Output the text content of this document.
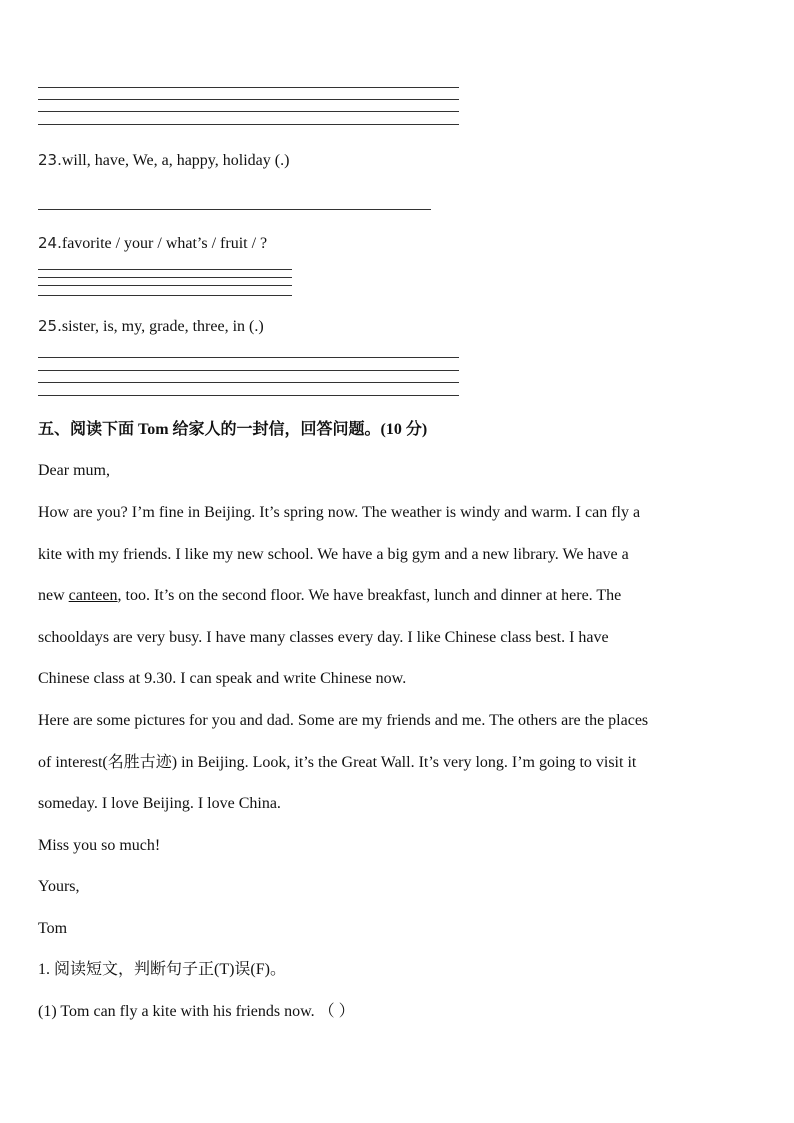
23.will, have, We, a, happy, holiday (.)
24.favorite / your / what’s / fruit / ?
25.sister, is, my, grade, three, in (.)
五、阅读下面 Tom 给家人的一封信，回答问题。(10 分)
Dear mum,
How are you? I’m fine in Beijing. It’s spring now. The weather is windy and warm. I can fly a
kite with my friends. I like my new school. We have a big gym and a new library. We have a
new canteen, too. It’s on the second floor. We have breakfast, lunch and dinner at here. The
schooldays are very busy. I have many classes every day. I like Chinese class best. I have
Chinese class at 9.30. I can speak and write Chinese now.
Here are some pictures for you and dad. Some are my friends and me. The others are the places
of interest(名胜古迹) in Beijing. Look, it’s the Great Wall. It’s very long. I’m going to visit it
someday. I love Beijing. I love China.
Miss you so much!
Yours,
Tom
1. 阅读短文，判断句子正(T)误(F)。
(1) Tom can fly a kite with his friends now. （ ）
